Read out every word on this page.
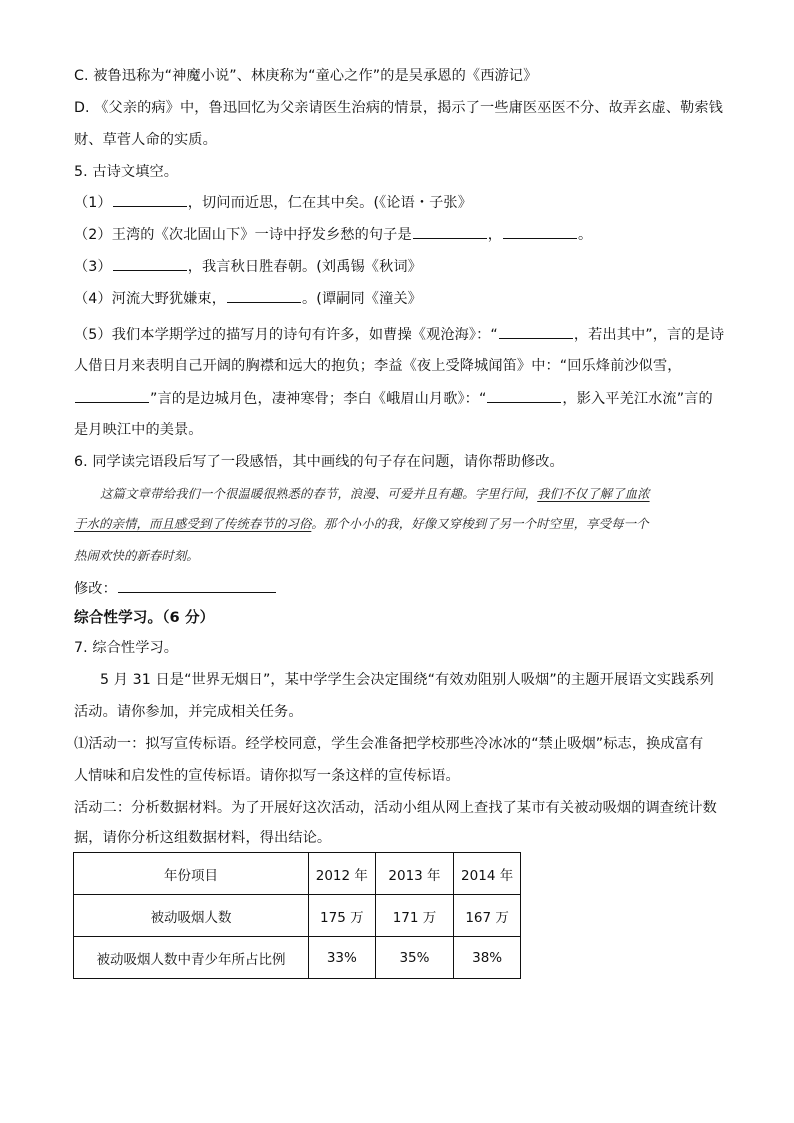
C. 被鲁迅称为“神魔小说”、林庚称为“童心之作”的是吴承恩的《西游记》
D. 《父亲的病》中，鲁迅回忆为父亲请医生治病的情景，揭示了一些庸医巫医不分、故弄玄虚、勒索钱
财、草菅人命的实质。
5. 古诗文填空。
（1）	，切问而近思，仁在其中矣。(《论语・子张》
（2）王湾的《次北固山下》一诗中抒发乡愁的句子是	，	。
（3）	，我言秋日胜春朝。(刘禹锡《秋词》
（4）河流大野犹嫌束，	。(谭嗣同《潼关》
（5）我们本学期学过的描写月的诗句有许多，如曹操《观沧海》：“	，若出其中”，言的是诗
人借日月来表明自己开阔的胸襟和远大的抱负；李益《夜上受降城闻笛》中：“回乐烽前沙似雪，
”言的是边城月色，凄神寒骨；李白《峨眉山月歌》：“	，影入平羌江水流”言的
是月映江中的美景。
6. 同学读完语段后写了一段感悟，其中画线的句子存在问题，请你帮助修改。
这篇文章带给我们一个很温暖很熟悉的春节，浪漫、可爱并且有趣。字里行间，我们不仅了解了血浓
于水的亲情，而且感受到了传统春节的习俗。那个小小的我，好像又穿梭到了另一个时空里，享受每一个
热闹欢快的新春时刻。
修改：
综合性学习。（6 分）
7. 综合性学习。
5 月 31 日是“世界无烟日”，某中学学生会决定围绕“有效劝阻别人吸烟”的主题开展语文实践系列
活动。请你参加，并完成相关任务。
⑴活动一：拟写宣传标语。经学校同意，学生会准备把学校那些冷冰冰的“禁止吸烟”标志，换成富有
人情味和启发性的宣传标语。请你拟写一条这样的宣传标语。
活动二：分析数据材料。为了开展好这次活动，活动小组从网上查找了某市有关被动吸烟的调查统计数
据，请你分析这组数据材料，得出结论。
年份项目	2012 年	2013 年	2014 年
被动吸烟人数	175 万	171 万	167 万
被动吸烟人数中青少年所占比例	33%	35%	38%
